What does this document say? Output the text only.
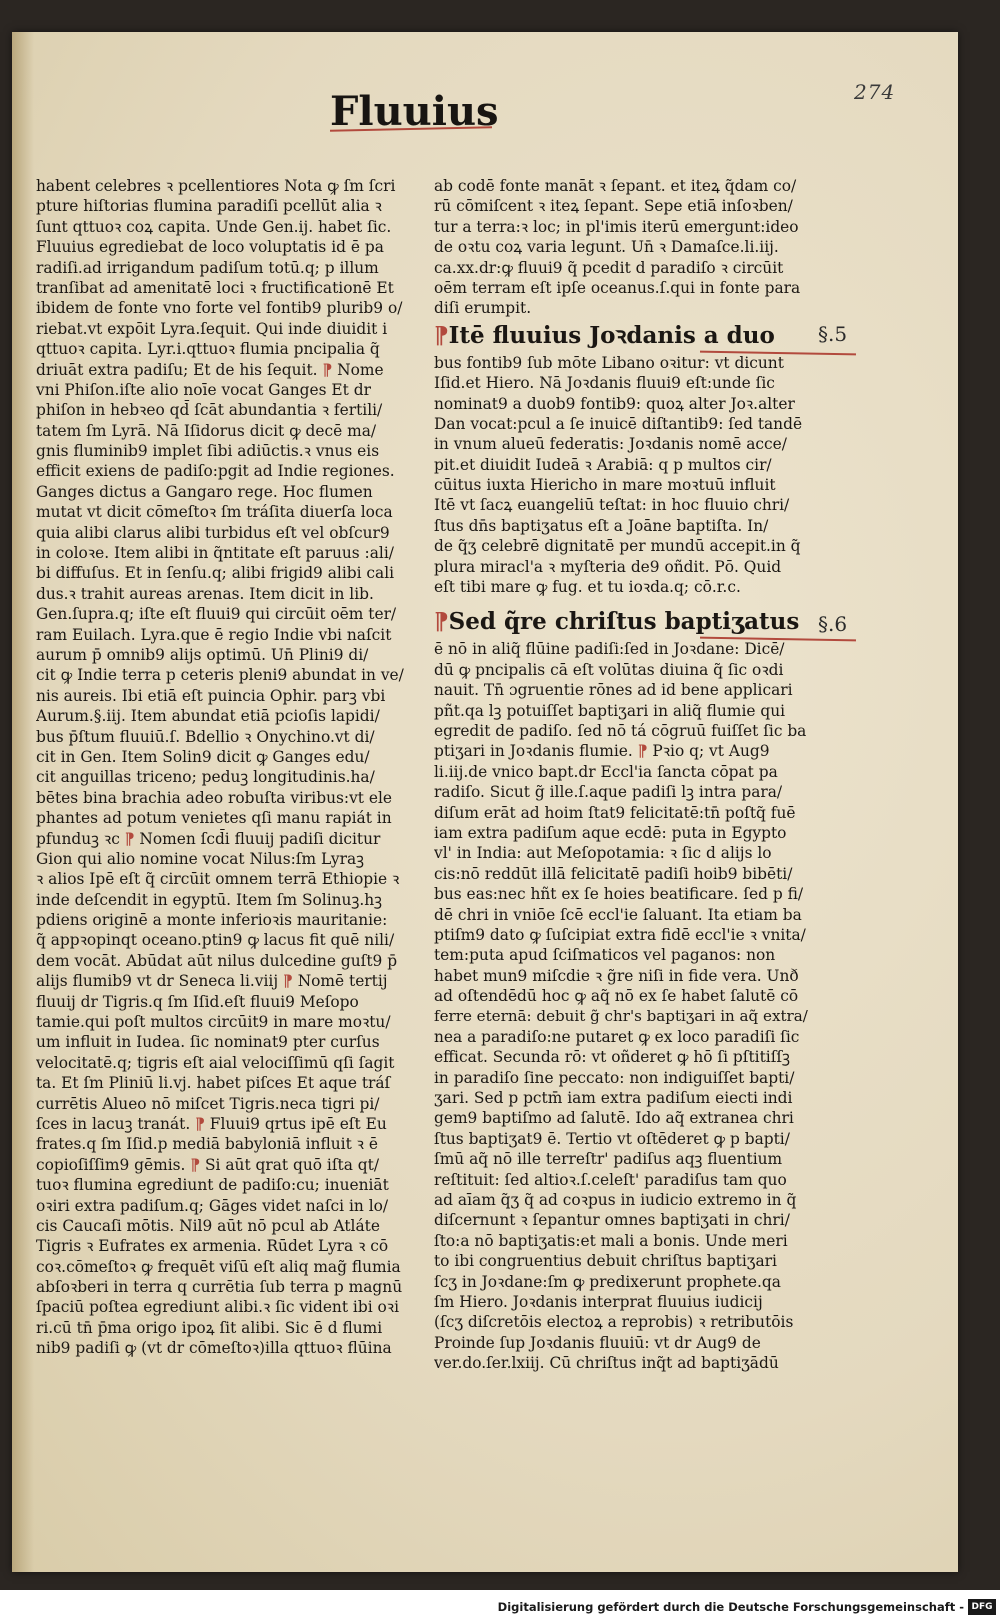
274
Fluuius
habent celebres ꝛ pcellentiores Nota ꝙ ſm ſcri
pture hiſtorias flumina paradiſi pcellūt alia ꝛ
ſunt qttuoꝛ coꝝ capita. Unde Gen.ij. habet ſic.
Fluuius egrediebat de loco voluptatis id ē pa
radiſi.ad irrigandum padiſum totū.q; p illum
tranſibat ad amenitatē loci ꝛ fructificationē Et
ibidem de fonte vno forte vel fontib9 plurib9 o/
riebat.vt expōit Lyra.ſequit. Qui inde diuidit i
qttuoꝛ capita. Lyr.i.qttuoꝛ flumia pncipalia q̃
driuāt extra padiſu; Et de his ſequit. ⁋ Nome
vni Phiſon.iſte alio noīe vocat Ganges Et dr
phiſon in hebꝛeo qd̄ ſcāt abundantia ꝛ fertili/
tatem ſm Lyrā. Nā Iſidorus dicit ꝙ decē ma/
gnis fluminib9 implet ſibi adiūctis.ꝛ vnus eis
efficit exiens de padiſo:pgit ad Indie regiones.
Ganges dictus a Gangaro rege. Hoc flumen
mutat vt dicit cōmeſtoꝛ ſm tráſita diuerſa loca
quia alibi clarus alibi turbidus eſt vel obſcur9
in coloꝛe. Item alibi in q̃ntitate eſt paruus :ali/
bi diffuſus. Et in ſenſu.q; alibi frigid9 alibi cali
dus.ꝛ trahit aureas arenas. Item dicit in lib.
Gen.ſupra.q; iſte eſt fluui9 qui circūit oēm ter/
ram Euilach. Lyra.que ē regio Indie vbi naſcit
aurum p̄ omnib9 alijs optimū. Un̄ Plini9 di/
cit ꝙ Indie terra p ceteris pleni9 abundat in ve/
nis aureis. Ibi etiā eſt puincia Ophir. parꝫ vbi
Aurum.§.iij. Item abundat etiā pcioſis lapidi/
bus p̄ſtum fluuiū.ſ. Bdellio ꝛ Onychino.vt di/
cit in Gen. Item Solin9 dicit ꝙ Ganges edu/
cit anguillas triceno; peduꝫ longitudinis.ha/
bētes bina brachia adeo robuſta viribus:vt ele
phantes ad potum venietes qſi manu rapiát in
pfunduꝫ ꝛc ⁋ Nomen ſcd̄i fluuij padiſi dicitur
Gion qui alio nomine vocat Nilus:ſm Lyraꝫ
ꝛ alios Ipē eſt q̃ circūit omnem terrā Ethiopie ꝛ
inde deſcendit in egyptū. Item ſm Solinuꝫ.hꝫ
pdiens originē a monte inferioꝛis mauritanie:
q̃ appꝛopinqt oceano.ptin9 ꝙ lacus fit quē nili/
dem vocāt. Abūdat aūt nilus dulcedine guſt9 p̄
alijs flumib9 vt dr Seneca li.viij ⁋ Nomē tertij
fluuij dr Tigris.q ſm Iſid.eſt fluui9 Meſopo
tamie.qui poſt multos circūit9 in mare moꝛtu/
um influit in Iudea. ſic nominat9 pter curſus
velocitatē.q; tigris eſt aial velociſſimū qſi ſagit
ta. Et ſm Pliniū li.vj. habet piſces Et aque tráſ
currētis Alueo nō miſcet Tigris.neca tigri pi/
ſces in lacuꝫ tranát. ⁋ Fluui9 qrtus ipē eſt Eu
frates.q ſm Iſid.p mediā babyloniā influit ꝛ ē
copioſiſſim9 gēmis. ⁋ Si aūt qrat quō iſta qt/
tuoꝛ flumina egrediunt de padiſo:cu; inueniāt
oꝛiri extra padiſum.q; Gāges videt naſci in lo/
cis Caucaſi mōtis. Nil9 aūt nō pcul ab Atláte
Tigris ꝛ Eufrates ex armenia. Rūdet Lyra ꝛ cō
coꝛ.cōmeſtoꝛ ꝙ frequēt viſū eſt aliq mag̃ flumia
abſoꝛberi in terra q currētia ſub terra p magnū
ſpaciū poſtea egrediunt alibi.ꝛ ſic vident ibi oꝛi
ri.cū tn̄ p̄ma origo ipoꝝ ſit alibi. Sic ē d flumi
nib9 padiſi ꝙ (vt dr cōmeſtoꝛ)illa qttuoꝛ flūina
ab codē fonte manāt ꝛ ſepant. et iteꝝ q̃dam co/
rū cōmiſcent ꝛ iteꝝ ſepant. Sepe etiā inſoꝛben/
tur a terra:ꝛ loc; in pl'imis iterū emergunt:ideo
de oꝛtu coꝝ varia legunt. Un̄ ꝛ Damaſce.li.iij.
ca.xx.dr:ꝙ fluui9 q̃ pcedit d paradiſo ꝛ circūit
oēm terram eſt ipſe oceanus.ſ.qui in fonte para
diſi erumpit.
⁋Itē fluuius Joꝛdanis a duo
bus fontib9 ſub mōte Libano oꝛitur: vt dicunt
Iſid.et Hiero. Nā Joꝛdanis fluui9 eſt:unde ſic
nominat9 a duob9 fontib9: quoꝝ alter Joꝛ.alter
Dan vocat:pcul a ſe inuicē diſtantib9: ſed tandē
in vnum alueū federatis: Joꝛdanis nomē acce/
pit.et diuidit Iudeā ꝛ Arabiā: q p multos cir/
cūitus iuxta Hiericho in mare moꝛtuū influit
Itē vt ſacꝝ euangeliū teſtat: in hoc fluuio chri/
ſtus dn̄s baptiʒatus eſt a Joāne baptiſta. In/
de q̃ʒ celebrē dignitatē per mundū accepit.in q̃
plura miracl'a ꝛ myſteria de9 oñdit. Pō. Quid
eſt tibi mare ꝙ fug. et tu ioꝛda.q; cō.r.c.
⁋Sed q̃re chriſtus baptiʒatus
ē nō in aliq̃ flūine padiſi:ſed in Joꝛdane: Dicē/
dū ꝙ pncipalis cā eſt volūtas diuina q̃ ſic oꝛdi
nauit. Tn̄ ɔgruentie rōnes ad id bene applicari
pñt.qa lꝫ potuiſſet baptiʒari in aliq̃ flumie qui
egredit de padiſo. ſed nō tá cōgruū fuiſſet ſic ba
ptiʒari in Joꝛdanis flumie. ⁋ Pꝛio q; vt Aug9
li.iij.de vnico bapt.dr Eccl'ia ſancta cōpat pa
radiſo. Sicut g̃ ille.ſ.aque padiſi lꝫ intra para/
diſum erāt ad hoim ſtat9 felicitatē:tn̄ poſtq̃ fuē
iam extra padiſum aque ecdē: puta in Egypto
vl' in India: aut Meſopotamia: ꝛ ſic d alijs lo
cis:nō reddūt illā felicitatē padiſi hoib9 bibēti/
bus eas:nec hñt ex ſe hoies beatificare. ſed p fi/
dē chri in vniōe ſcē eccl'ie ſaluant. Ita etiam ba
ptiſm9 dato ꝙ ſuſcipiat extra fidē eccl'ie ꝛ vnita/
tem:puta apud ſciſmaticos vel paganos: non
habet mun9 miſcdie ꝛ g̃re niſi in fide vera. Unð
ad oſtendēdū hoc ꝙ aq̃ nō ex ſe habet ſalutē cō
ferre eternā: debuit g̃ chr's baptiʒari in aq̃ extra/
nea a paradiſo:ne putaret ꝙ ex loco paradiſi ſic
efficat. Secunda rō: vt oñderet ꝙ hō ſi pſtitiſſꝫ
in paradiſo ſine peccato: non indiguiſſet bapti/
ʒari. Sed p pctm̄ iam extra padiſum eiecti indi
gem9 baptiſmo ad ſalutē. Ido aq̃ extranea chri
ſtus baptiʒat9 ē. Tertio vt oſtēderet ꝙ p bapti/
ſmū aq̃ nō ille terreſtr' padiſus aqꝫ fluentium
reſtituit: ſed altioꝛ.ſ.celeſt' paradiſus tam quo
ad aīam q̃ʒ q̃ ad coꝛpus in iudicio extremo in q̃
diſcernunt ꝛ ſepantur omnes baptiʒati in chri/
ſto:a nō baptiʒatis:et mali a bonis. Unde meri
to ibi congruentius debuit chriſtus baptiʒari
ſcʒ in Joꝛdane:ſm ꝙ predixerunt prophete.qa
ſm Hiero. Joꝛdanis interprat fluuius iudicij
(ſcʒ diſcretōis electoꝝ a reprobis) ꝛ retributōis
Proinde ſup Joꝛdanis fluuiū: vt dr Aug9 de
ver.do.ſer.lxiij. Cū chriſtus inq̃t ad baptiʒādū
§.5
§.6
Digitalisierung gefördert durch die Deutsche Forschungsgemeinschaft - DFG
